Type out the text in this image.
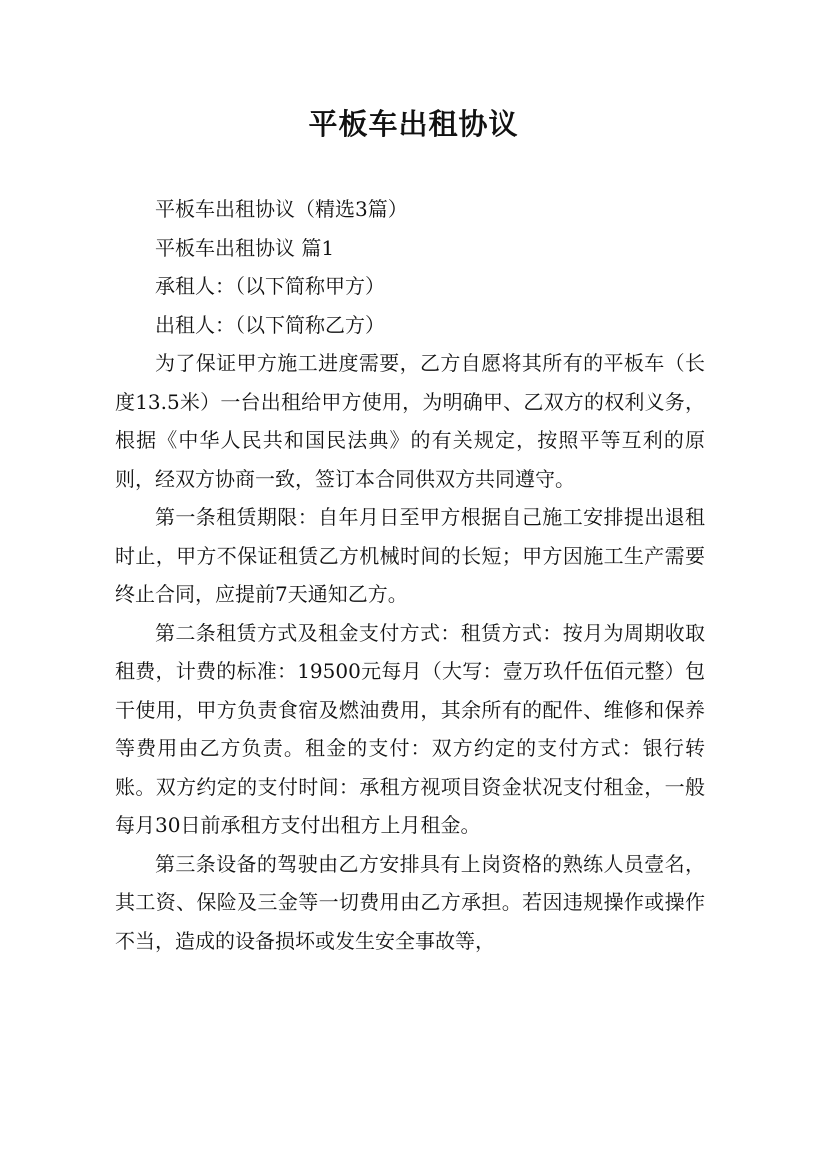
平板车出租协议

平板车出租协议（精选3篇）

平板车出租协议 篇1

承租人：（以下简称甲方）

出租人：（以下简称乙方）

为了保证甲方施工进度需要，乙方自愿将其所有的平板车（长度13.5米）一台出租给甲方使用，为明确甲、乙双方的权利义务，根据《中华人民共和国民法典》的有关规定，按照平等互利的原则，经双方协商一致，签订本合同供双方共同遵守。

第一条租赁期限：自年月日至甲方根据自己施工安排提出退租时止，甲方不保证租赁乙方机械时间的长短；甲方因施工生产需要终止合同，应提前7天通知乙方。

第二条租赁方式及租金支付方式：租赁方式：按月为周期收取租费，计费的标准：19500元每月（大写：壹万玖仟伍佰元整）包干使用，甲方负责食宿及燃油费用，其余所有的配件、维修和保养等费用由乙方负责。租金的支付：双方约定的支付方式：银行转账。双方约定的支付时间：承租方视项目资金状况支付租金，一般每月30日前承租方支付出租方上月租金。

第三条设备的驾驶由乙方安排具有上岗资格的熟练人员壹名，其工资、保险及三金等一切费用由乙方承担。若因违规操作或操作不当，造成的设备损坏或发生安全事故等，
